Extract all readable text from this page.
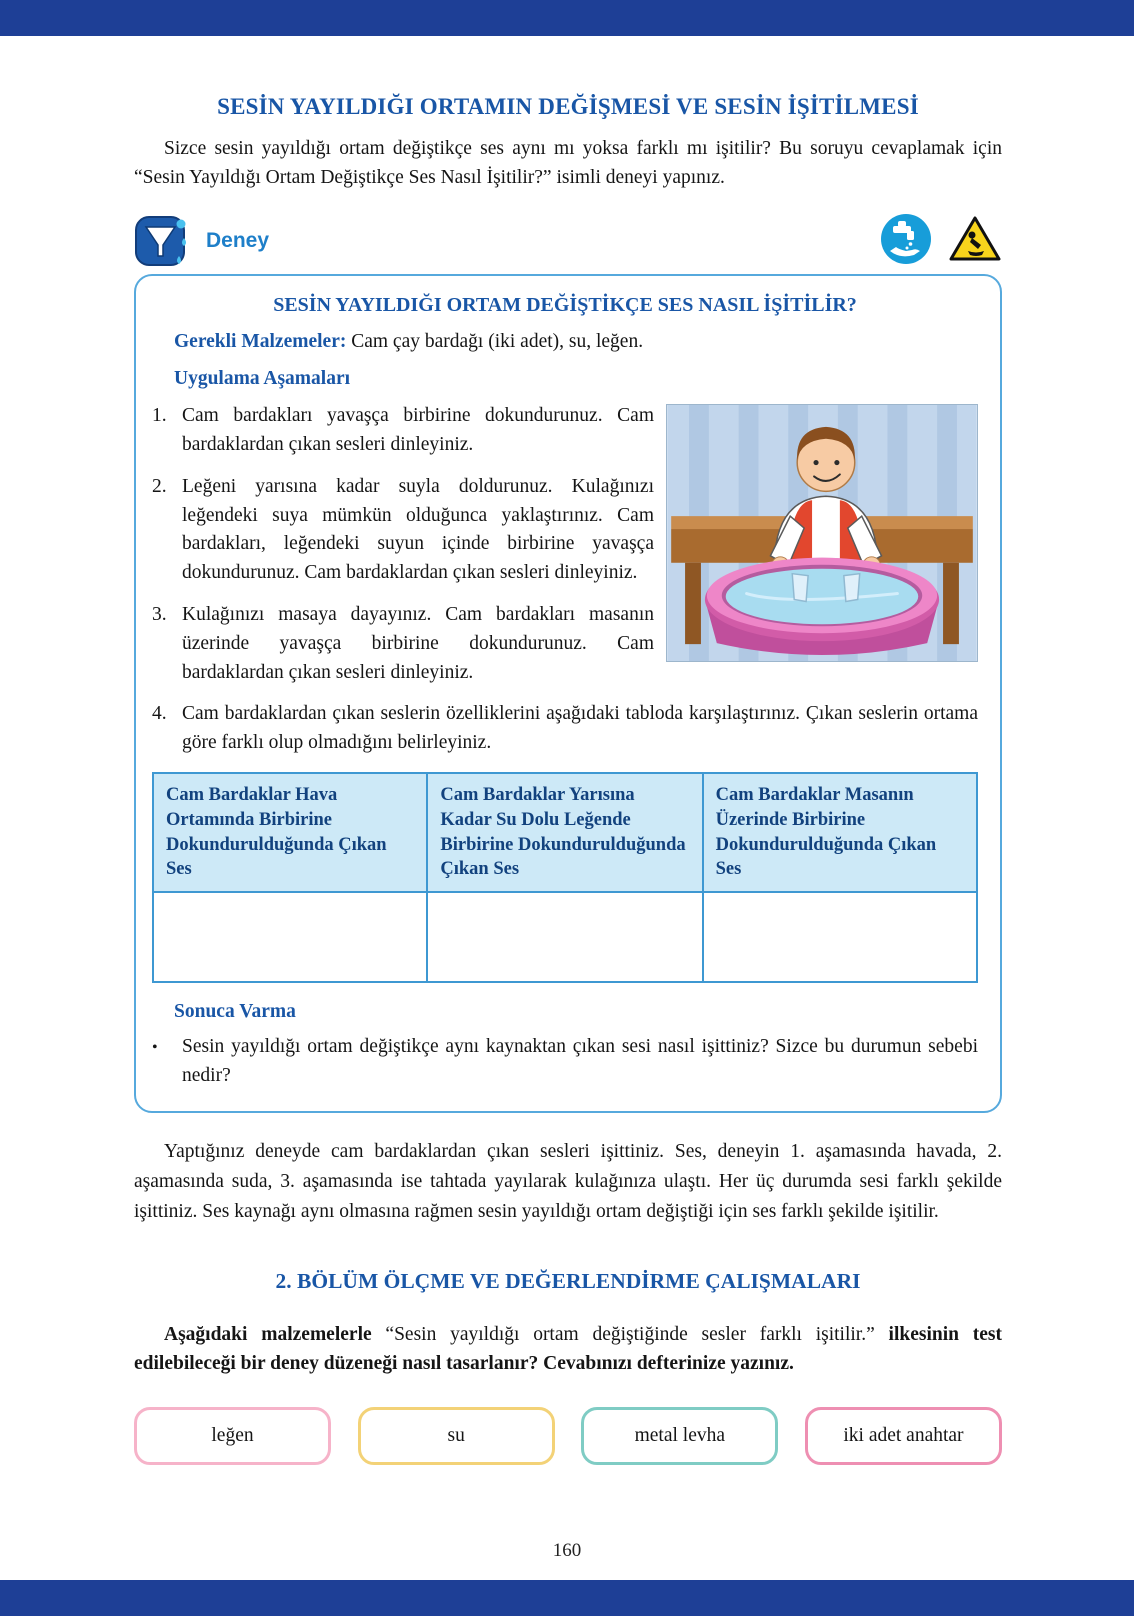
SESİN YAYILDIĞI ORTAMIN DEĞİŞMESİ VE SESİN İŞİTİLMESİ

Sizce sesin yayıldığı ortam değiştikçe ses aynı mı yoksa farklı mı işitilir? Bu soruyu cevaplamak için “Sesin Yayıldığı Ortam Değiştikçe Ses Nasıl İşitilir?” isimli deneyi yapınız.

Deney
SESİN YAYILDIĞI ORTAM DEĞİŞTİKÇE SES NASIL İŞİTİLİR?
Gerekli Malzemeler: Cam çay bardağı (iki adet), su, leğen.
Uygulama Aşamaları
1. Cam bardakları yavaşça birbirine dokundurunuz. Cam bardaklardan çıkan sesleri dinleyiniz.
2. Leğeni yarısına kadar suyla doldurunuz. Kulağınızı leğendeki suya mümkün olduğunca yaklaştırınız. Cam bardakları, leğendeki suyun içinde birbirine yavaşça dokundurunuz. Cam bardaklardan çıkan sesleri dinleyiniz.
3. Kulağınızı masaya dayayınız. Cam bardakları masanın üzerinde yavaşça birbirine dokundurunuz. Cam bardaklardan çıkan sesleri dinleyiniz.
4. Cam bardaklardan çıkan seslerin özelliklerini aşağıdaki tabloda karşılaştırınız. Çıkan seslerin ortama göre farklı olup olmadığını belirleyiniz.
Cam Bardaklar Hava Ortamında Birbirine Dokundurulduğunda Çıkan Ses	Cam Bardaklar Yarısına Kadar Su Dolu Leğende Birbirine Dokundurulduğunda Çıkan Ses	Cam Bardaklar Masanın Üzerinde Birbirine Dokundurulduğunda Çıkan Ses

Sonuca Varma
•	Sesin yayıldığı ortam değiştikçe aynı kaynaktan çıkan sesi nasıl işittiniz? Sizce bu durumun sebebi nedir?

Yaptığınız deneyde cam bardaklardan çıkan sesleri işittiniz. Ses, deneyin 1. aşamasında havada, 2. aşamasında suda, 3. aşamasında ise tahtada yayılarak kulağınıza ulaştı. Her üç durumda sesi farklı şekilde işittiniz. Ses kaynağı aynı olmasına rağmen sesin yayıldığı ortam değiştiği için ses farklı şekilde işitilir.

2. BÖLÜM ÖLÇME VE DEĞERLENDİRME ÇALIŞMALARI

Aşağıdaki malzemelerle “Sesin yayıldığı ortam değiştiğinde sesler farklı işitilir.” ilkesinin test edilebileceği bir deney düzeneği nasıl tasarlanır? Cevabınızı defterinize yazınız.

leğen	su	metal levha	iki adet anahtar
160
